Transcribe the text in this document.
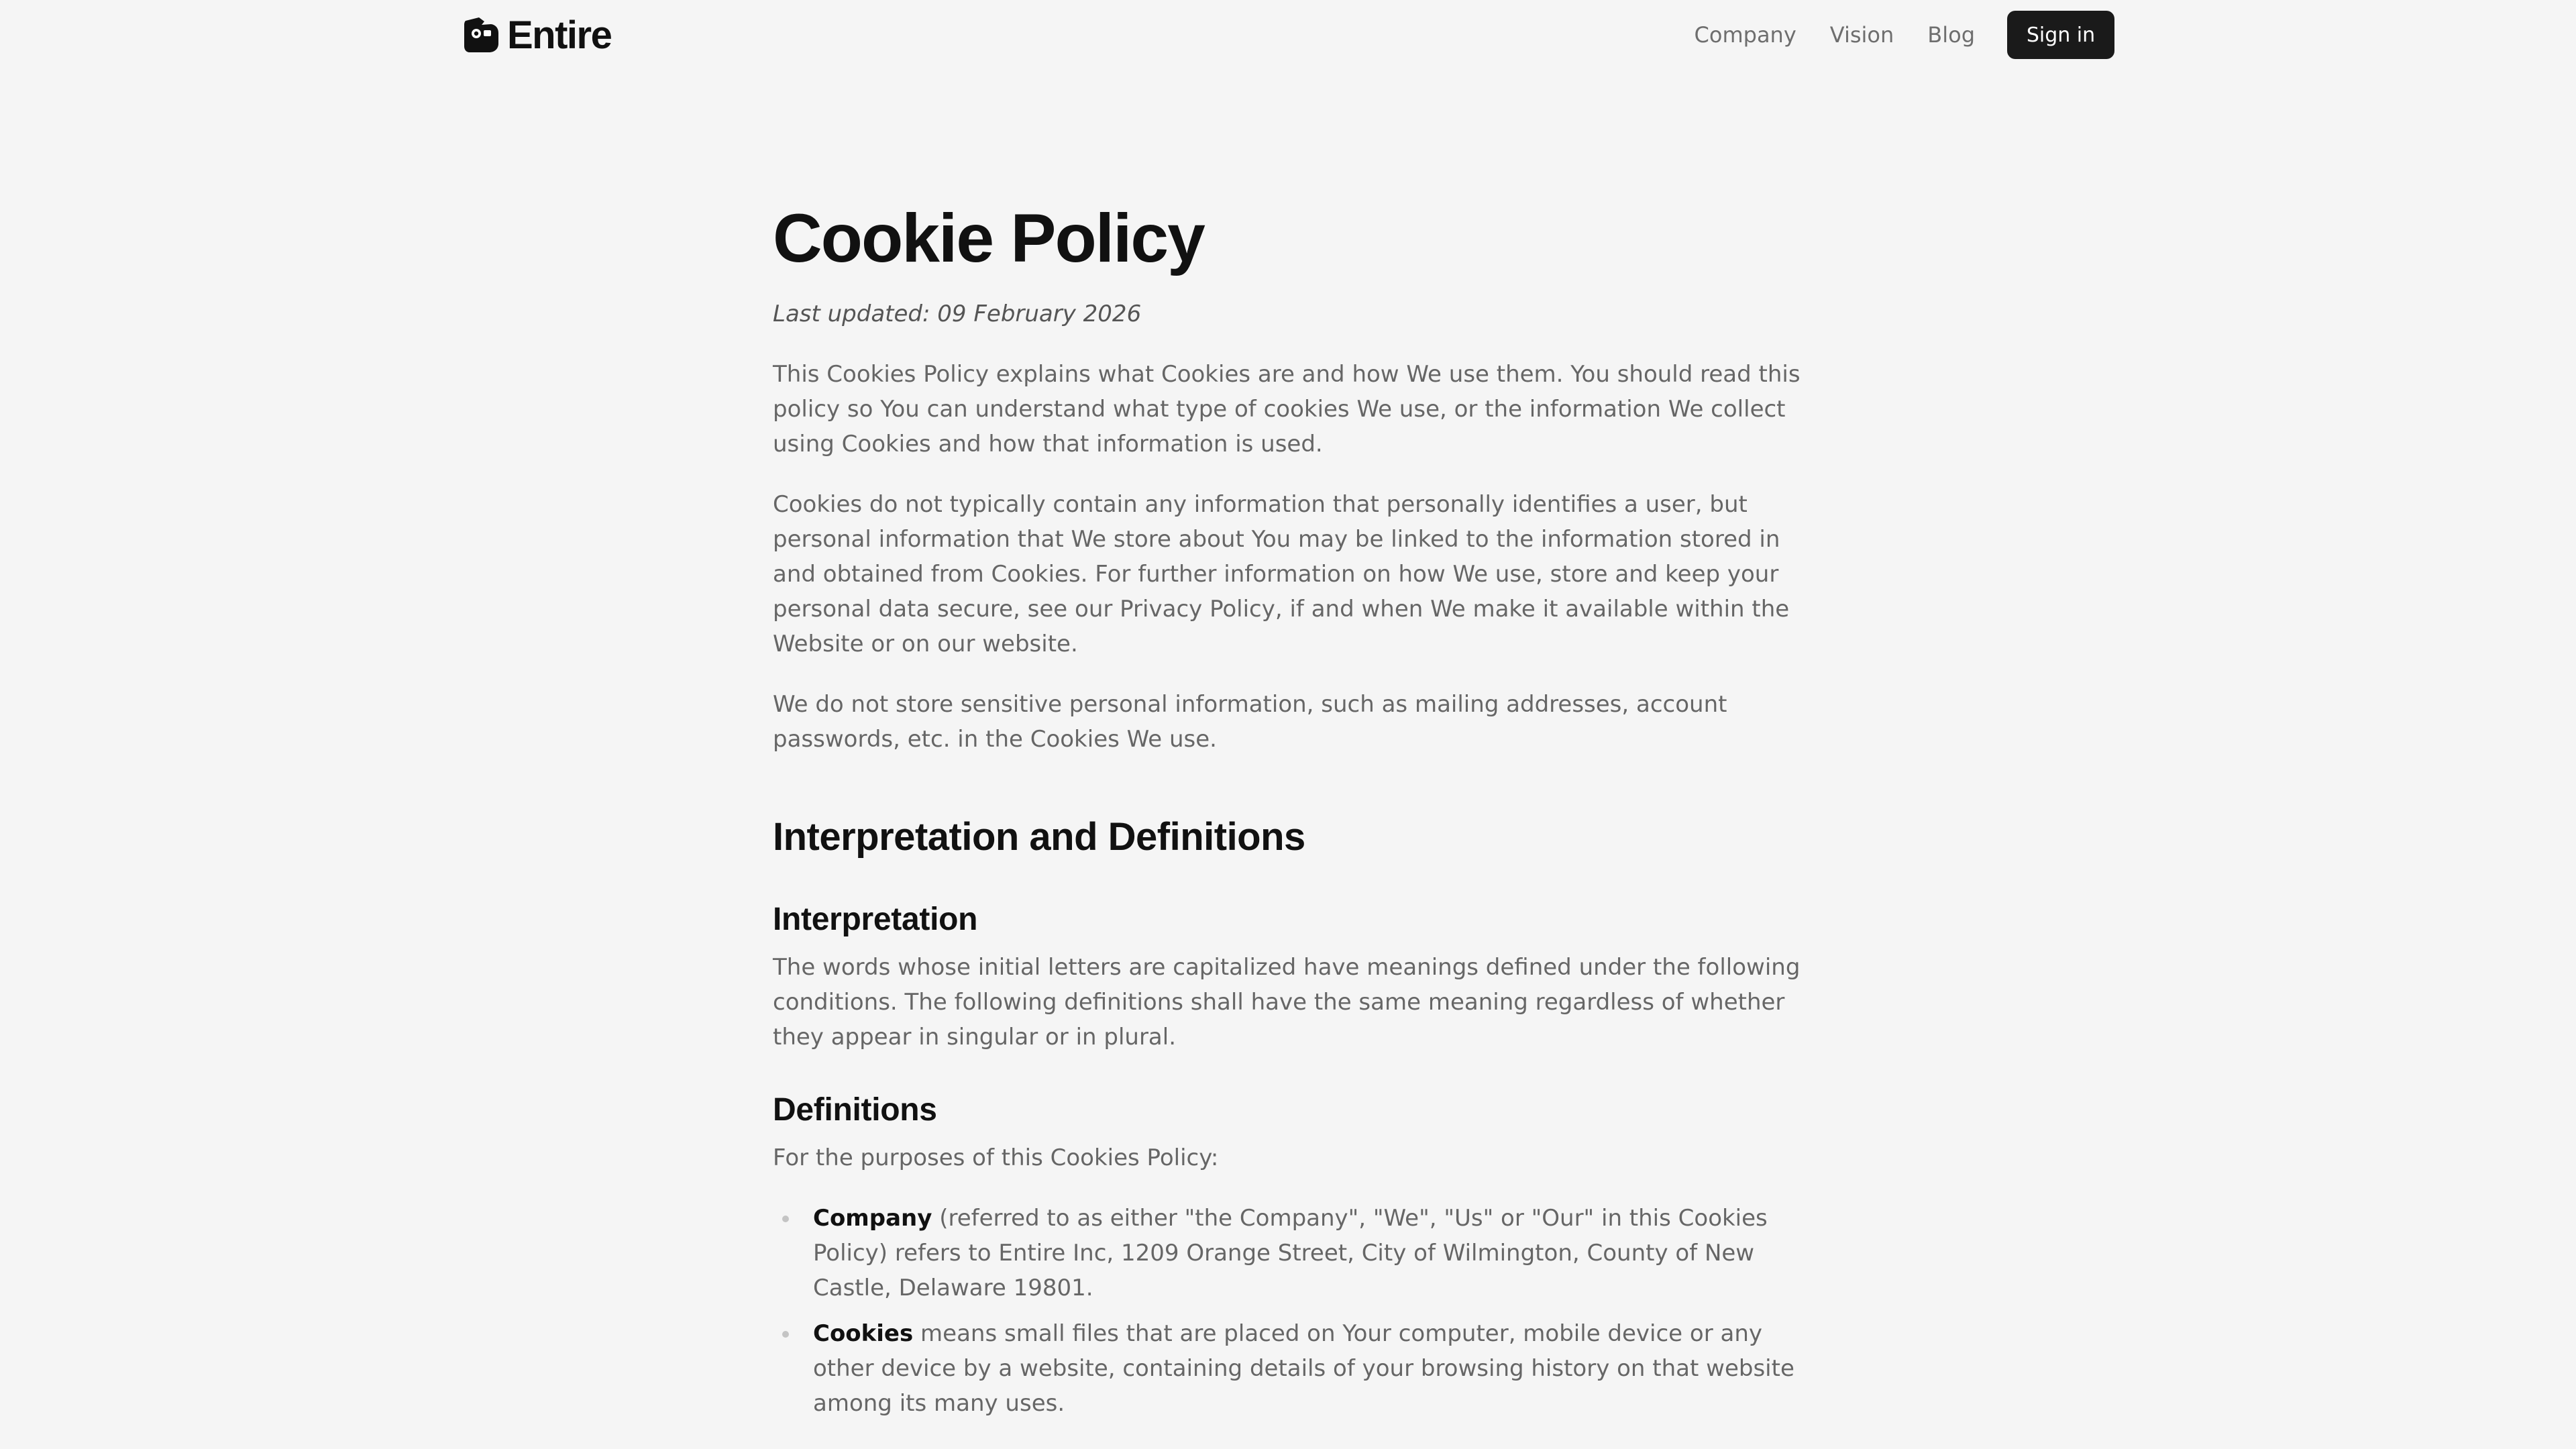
Entire	Company Vision Blog	Sign in
Cookie Policy

Last updated: 09 February 2026

This Cookies Policy explains what Cookies are and how We use them. You should read this policy so You can understand what type of cookies We use, or the information We collect using Cookies and how that information is used.

Cookies do not typically contain any information that personally identifies a user, but personal information that We store about You may be linked to the information stored in and obtained from Cookies. For further information on how We use, store and keep your personal data secure, see our Privacy Policy, if and when We make it available within the Website or on our website.

We do not store sensitive personal information, such as mailing addresses, account passwords, etc. in the Cookies We use.

Interpretation and Definitions
Interpretation

The words whose initial letters are capitalized have meanings defined under the following conditions. The following definitions shall have the same meaning regardless of whether they appear in singular or in plural.

Definitions

For the purposes of this Cookies Policy:

Company (referred to as either "the Company", "We", "Us" or "Our" in this Cookies Policy) refers to Entire Inc, 1209 Orange Street, City of Wilmington, County of New Castle, Delaware 19801.
Cookies means small files that are placed on Your computer, mobile device or any other device by a website, containing details of your browsing history on that website among its many uses.
